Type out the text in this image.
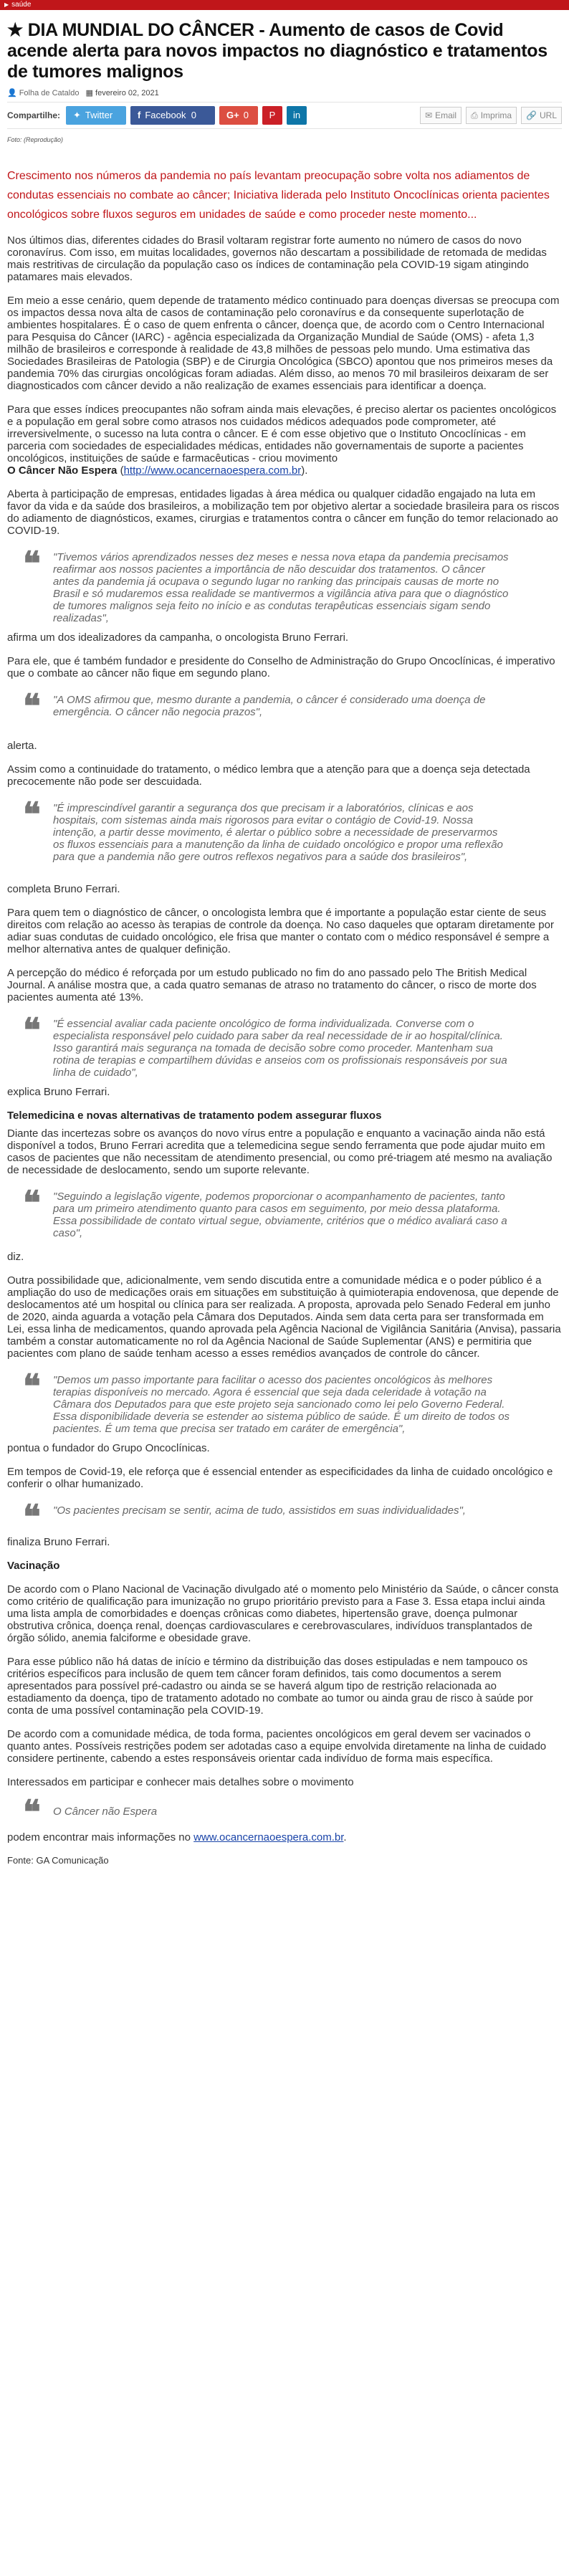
▶ saúde
★ DIA MUNDIAL DO CÂNCER - Aumento de casos de Covid acende alerta para novos impactos no diagnóstico e tratamentos de tumores malignos
👤 Folha de Cataldo ▦ fevereiro 02, 2021
Compartilhe: ✦ Twitter	f Facebook
0	G+ 0 P in	✉ Email	⎙ Imprima	🔗 URL
Foto: (Reprodução)

Crescimento nos números da pandemia no país levantam preocupação sobre volta nos adiamentos de condutas essenciais no combate ao câncer; Iniciativa liderada pelo Instituto Oncoclínicas orienta pacientes oncológicos sobre fluxos seguros em unidades de saúde e como proceder neste momento...

Nos últimos dias, diferentes cidades do Brasil voltaram registrar forte aumento no número de casos do novo coronavírus. Com isso, em muitas localidades, governos não descartam a possibilidade de retomada de medidas mais restritivas de circulação da população caso os índices de contaminação pela COVID-19 sigam atingindo patamares mais elevados.

Em meio a esse cenário, quem depende de tratamento médico continuado para doenças diversas se preocupa com os impactos dessa nova alta de casos de contaminação pelo coronavírus e da consequente superlotação de ambientes hospitalares. É o caso de quem enfrenta o câncer, doença que, de acordo com o Centro Internacional para Pesquisa do Câncer (IARC) - agência especializada da Organização Mundial de Saúde (OMS) - afeta 1,3 milhão de brasileiros e corresponde à realidade de 43,8 milhões de pessoas pelo mundo. Uma estimativa das Sociedades Brasileiras de Patologia (SBP) e de Cirurgia Oncológica (SBCO) apontou que nos primeiros meses da pandemia 70% das cirurgias oncológicas foram adiadas. Além disso, ao menos 70 mil brasileiros deixaram de ser diagnosticados com câncer devido a não realização de exames essenciais para identificar a doença.

Para que esses índices preocupantes não sofram ainda mais elevações, é preciso alertar os pacientes oncológicos e a população em geral sobre como atrasos nos cuidados médicos adequados pode comprometer, até irreversivelmente, o sucesso na luta contra o câncer. E é com esse objetivo que o Instituto Oncoclínicas - em parceria com sociedades de especialidades médicas, entidades não governamentais de suporte a pacientes oncológicos, instituições de saúde e farmacêuticas - criou movimento
O Câncer Não Espera (http://www.ocancernaoespera.com.br).

Aberta à participação de empresas, entidades ligadas à área médica ou qualquer cidadão engajado na luta em favor da vida e da saúde dos brasileiros, a mobilização tem por objetivo alertar a sociedade brasileira para os riscos do adiamento de diagnósticos, exames, cirurgias e tratamentos contra o câncer em função do temor relacionado ao COVID-19.

❝	"Tivemos vários aprendizados nesses dez meses e nessa nova etapa da pandemia precisamos reafirmar aos nossos pacientes a importância de não descuidar dos tratamentos. O câncer antes da pandemia já ocupava o segundo lugar no ranking das principais causas de morte no Brasil e só mudaremos essa realidade se mantivermos a vigilância ativa para que o diagnóstico de tumores malignos seja feito no início e as condutas terapêuticas essenciais sigam sendo realizadas",

afirma um dos idealizadores da campanha, o oncologista Bruno Ferrari.

Para ele, que é também fundador e presidente do Conselho de Administração do Grupo Oncoclínicas, é imperativo que o combate ao câncer não fique em segundo plano.

❝	"A OMS afirmou que, mesmo durante a pandemia, o câncer é considerado uma doença de emergência. O câncer não negocia prazos",

alerta.

Assim como a continuidade do tratamento, o médico lembra que a atenção para que a doença seja detectada precocemente não pode ser descuidada.

❝	"É imprescindível garantir a segurança dos que precisam ir a laboratórios, clínicas e aos hospitais, com sistemas ainda mais rigorosos para evitar o contágio de Covid-19. Nossa intenção, a partir desse movimento, é alertar o público sobre a necessidade de preservarmos os fluxos essenciais para a manutenção da linha de cuidado oncológico e propor uma reflexão para que a pandemia não gere outros reflexos negativos para a saúde dos brasileiros",

completa Bruno Ferrari.

Para quem tem o diagnóstico de câncer, o oncologista lembra que é importante a população estar ciente de seus direitos com relação ao acesso às terapias de controle da doença. No caso daqueles que optaram diretamente por adiar suas condutas de cuidado oncológico, ele frisa que manter o contato com o médico responsável é sempre a melhor alternativa antes de qualquer definição.

A percepção do médico é reforçada por um estudo publicado no fim do ano passado pelo The British Medical Journal. A análise mostra que, a cada quatro semanas de atraso no tratamento do câncer, o risco de morte dos pacientes aumenta até 13%.

❝	"É essencial avaliar cada paciente oncológico de forma individualizada. Converse com o especialista responsável pelo cuidado para saber da real necessidade de ir ao hospital/clínica. Isso garantirá mais segurança na tomada de decisão sobre como proceder. Mantenham sua rotina de terapias e compartilhem dúvidas e anseios com os profissionais responsáveis por sua linha de cuidado",

explica Bruno Ferrari.

Telemedicina e novas alternativas de tratamento podem assegurar fluxos

Diante das incertezas sobre os avanços do novo vírus entre a população e enquanto a vacinação ainda não está disponível a todos, Bruno Ferrari acredita que a telemedicina segue sendo ferramenta que pode ajudar muito em casos de pacientes que não necessitam de atendimento presencial, ou como pré-triagem até mesmo na avaliação de necessidade de deslocamento, sendo um suporte relevante.

❝	"Seguindo a legislação vigente, podemos proporcionar o acompanhamento de pacientes, tanto para um primeiro atendimento quanto para casos em seguimento, por meio dessa plataforma. Essa possibilidade de contato virtual segue, obviamente, critérios que o médico avaliará caso a caso",

diz.

Outra possibilidade que, adicionalmente, vem sendo discutida entre a comunidade médica e o poder público é a ampliação do uso de medicações orais em situações em substituição à quimioterapia endovenosa, que depende de deslocamentos até um hospital ou clínica para ser realizada. A proposta, aprovada pelo Senado Federal em junho de 2020, ainda aguarda a votação pela Câmara dos Deputados. Ainda sem data certa para ser transformada em Lei, essa linha de medicamentos, quando aprovada pela Agência Nacional de Vigilância Sanitária (Anvisa), passaria também a constar automaticamente no rol da Agência Nacional de Saúde Suplementar (ANS) e permitiria que pacientes com plano de saúde tenham acesso a esses remédios avançados de controle do câncer.

❝	"Demos um passo importante para facilitar o acesso dos pacientes oncológicos às melhores terapias disponíveis no mercado. Agora é essencial que seja dada celeridade à votação na Câmara dos Deputados para que este projeto seja sancionado como lei pelo Governo Federal. Essa disponibilidade deveria se estender ao sistema público de saúde. É um direito de todos os pacientes. É um tema que precisa ser tratado em caráter de emergência",

pontua o fundador do Grupo Oncoclínicas.

Em tempos de Covid-19, ele reforça que é essencial entender as especificidades da linha de cuidado oncológico e conferir o olhar humanizado.

❝	"Os pacientes precisam se sentir, acima de tudo, assistidos em suas individualidades",

finaliza Bruno Ferrari.

Vacinação

De acordo com o Plano Nacional de Vacinação divulgado até o momento pelo Ministério da Saúde, o câncer consta como critério de qualificação para imunização no grupo prioritário previsto para a Fase 3. Essa etapa inclui ainda uma lista ampla de comorbidades e doenças crônicas como diabetes, hipertensão grave, doença pulmonar obstrutiva crônica, doença renal, doenças cardiovasculares e cerebrovasculares, indivíduos transplantados de órgão sólido, anemia falciforme e obesidade grave.

Para esse público não há datas de início e término da distribuição das doses estipuladas e nem tampouco os critérios específicos para inclusão de quem tem câncer foram definidos, tais como documentos a serem apresentados para possível pré-cadastro ou ainda se se haverá algum tipo de restrição relacionada ao estadiamento da doença, tipo de tratamento adotado no combate ao tumor ou ainda grau de risco à saúde por conta de uma possível contaminação pela COVID-19.

De acordo com a comunidade médica, de toda forma, pacientes oncológicos em geral devem ser vacinados o quanto antes. Possíveis restrições podem ser adotadas caso a equipe envolvida diretamente na linha de cuidado considere pertinente, cabendo a estes responsáveis orientar cada indivíduo de forma mais específica.

Interessados em participar e conhecer mais detalhes sobre o movimento

❝	O Câncer não Espera

podem encontrar mais informações no www.ocancernaoespera.com.br.

Fonte: GA Comunicação
